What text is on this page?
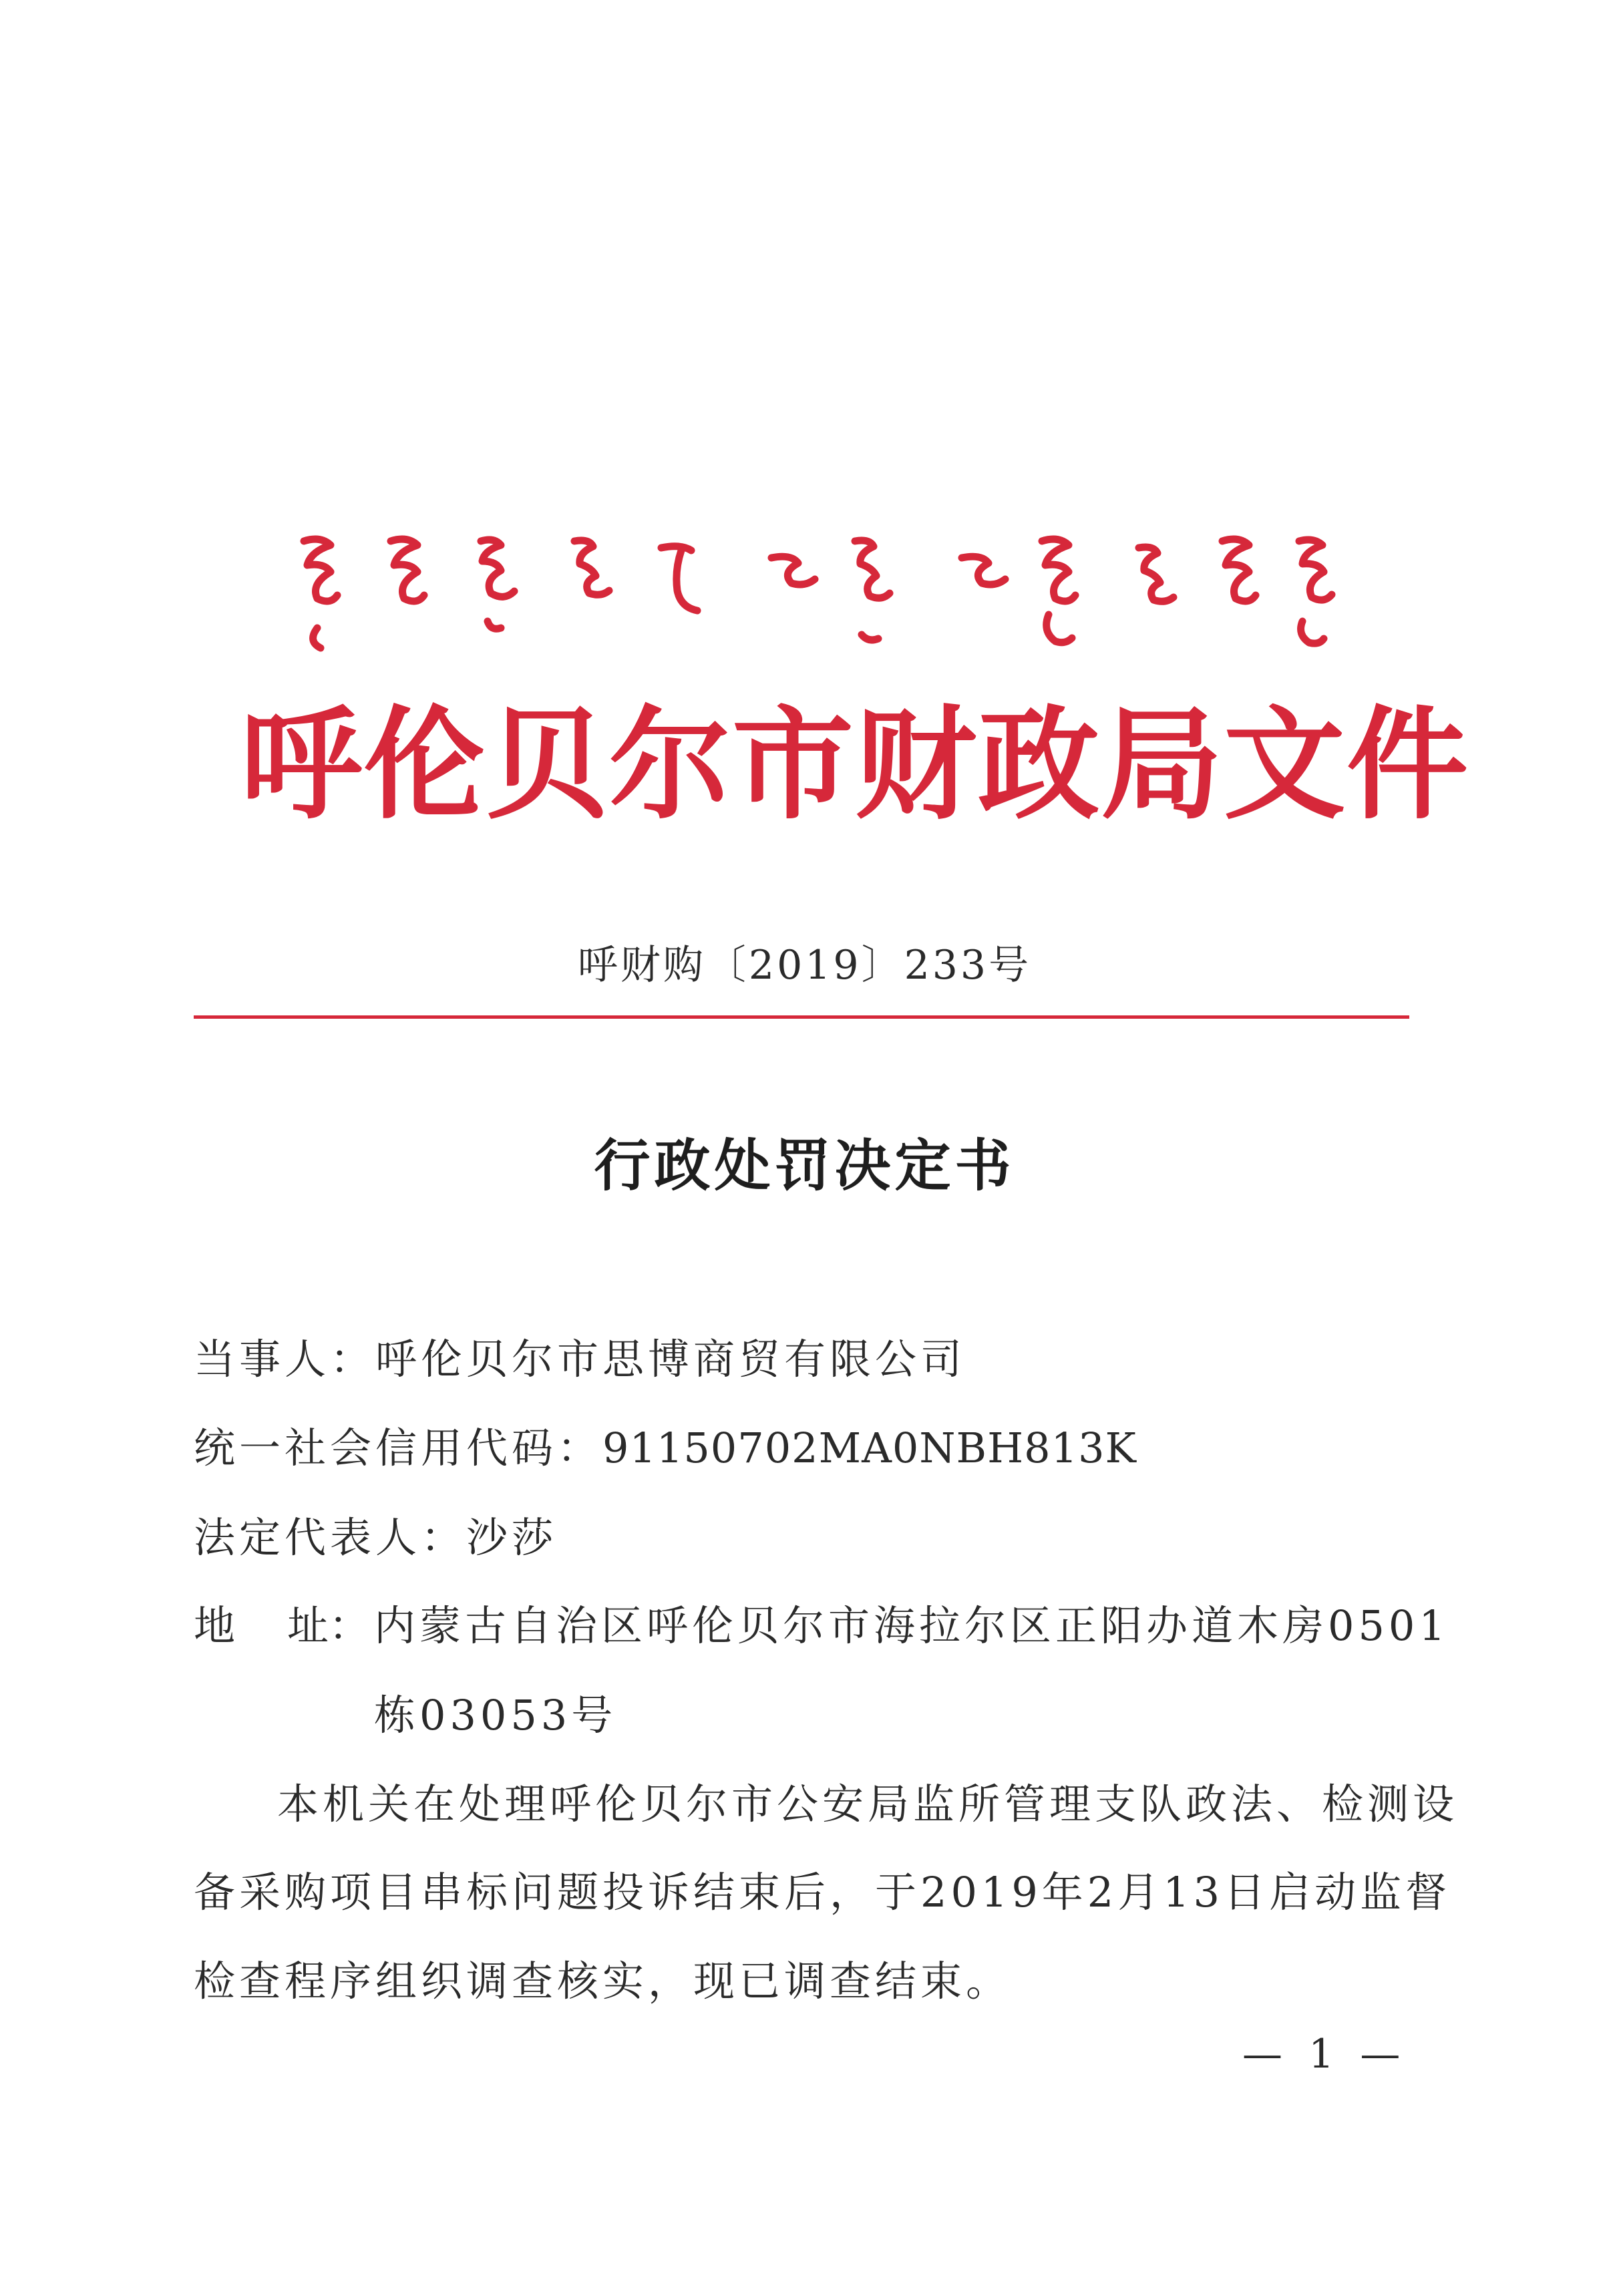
呼伦贝尔市财政局文件
呼财购〔2019〕233号
行政处罚决定书
当事人：呼伦贝尔市思博商贸有限公司
统一社会信用代码：91150702MA0NBH813K
法定代表人：沙莎
地 址：内蒙古自治区呼伦贝尔市海拉尔区正阳办道木房0501
栋03053号
本机关在处理呼伦贝尔市公安局监所管理支队政法、检测设
备采购项目串标问题投诉结束后，于2019年2月13日启动监督
检查程序组织调查核实，现已调查结束。
— 1 —
